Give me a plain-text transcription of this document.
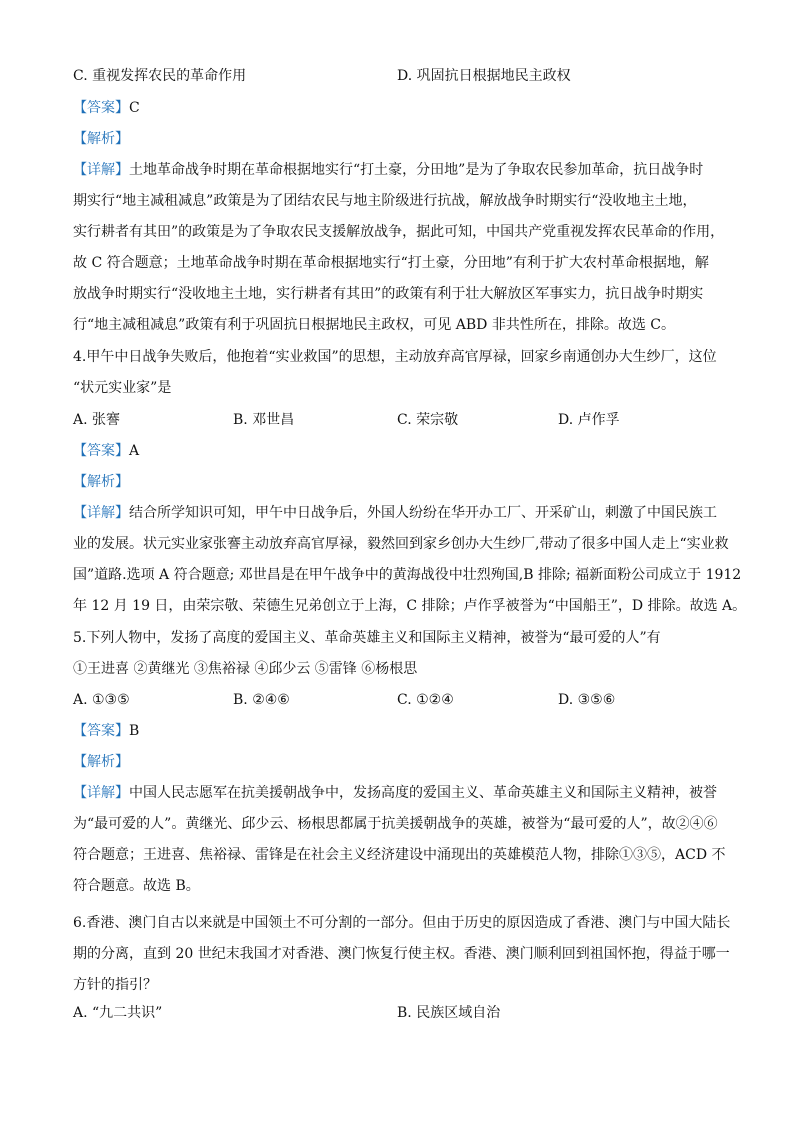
C. 重视发挥农民的革命作用	D. 巩固抗日根据地民主政权
【答案】C
【解析】
【详解】土地革命战争时期在革命根据地实行“打土豪，分田地”是为了争取农民参加革命，抗日战争时
期实行“地主减租减息”政策是为了团结农民与地主阶级进行抗战，解放战争时期实行“没收地主土地，
实行耕者有其田”的政策是为了争取农民支援解放战争，据此可知，中国共产党重视发挥农民革命的作用，
故 C 符合题意；土地革命战争时期在革命根据地实行“打土豪，分田地”有利于扩大农村革命根据地，解
放战争时期实行“没收地主土地，实行耕者有其田”的政策有利于壮大解放区军事实力，抗日战争时期实
行“地主减租减息”政策有利于巩固抗日根据地民主政权，可见 ABD 非共性所在，排除。故选 C。
4.甲午中日战争失败后，他抱着“实业救国”的思想，主动放弃高官厚禄，回家乡南通创办大生纱厂，这位
“状元实业家”是
A. 张謇	B. 邓世昌	C. 荣宗敬	D. 卢作孚
【答案】A
【解析】
【详解】结合所学知识可知，甲午中日战争后，外国人纷纷在华开办工厂、开采矿山，刺激了中国民族工
业的发展。状元实业家张謇主动放弃高官厚禄，毅然回到家乡创办大生纱厂,带动了很多中国人走上“实业救
国”道路.选项 A 符合题意; 邓世昌是在甲午战争中的黄海战役中壮烈殉国,B 排除; 福新面粉公司成立于 1912
年 12 月 19 日，由荣宗敬、荣德生兄弟创立于上海，C 排除；卢作孚被誉为“中国船王”，D 排除。故选 A。
5.下列人物中，发扬了高度的爱国主义、革命英雄主义和国际主义精神，被誉为“最可爱的人”有
①王进喜 ②黄继光 ③焦裕禄 ④邱少云 ⑤雷锋 ⑥杨根思
A. ①③⑤	B. ②④⑥	C. ①②④	D. ③⑤⑥
【答案】B
【解析】
【详解】中国人民志愿军在抗美援朝战争中，发扬高度的爱国主义、革命英雄主义和国际主义精神，被誉
为“最可爱的人”。黄继光、邱少云、杨根思都属于抗美援朝战争的英雄，被誉为“最可爱的人”，故②④⑥
符合题意；王进喜、焦裕禄、雷锋是在社会主义经济建设中涌现出的英雄模范人物，排除①③⑤，ACD 不
符合题意。故选 B。
6.香港、澳门自古以来就是中国领土不可分割的一部分。但由于历史的原因造成了香港、澳门与中国大陆长
期的分离，直到 20 世纪末我国才对香港、澳门恢复行使主权。香港、澳门顺利回到祖国怀抱，得益于哪一
方针的指引？
A. “九二共识”	B. 民族区域自治
